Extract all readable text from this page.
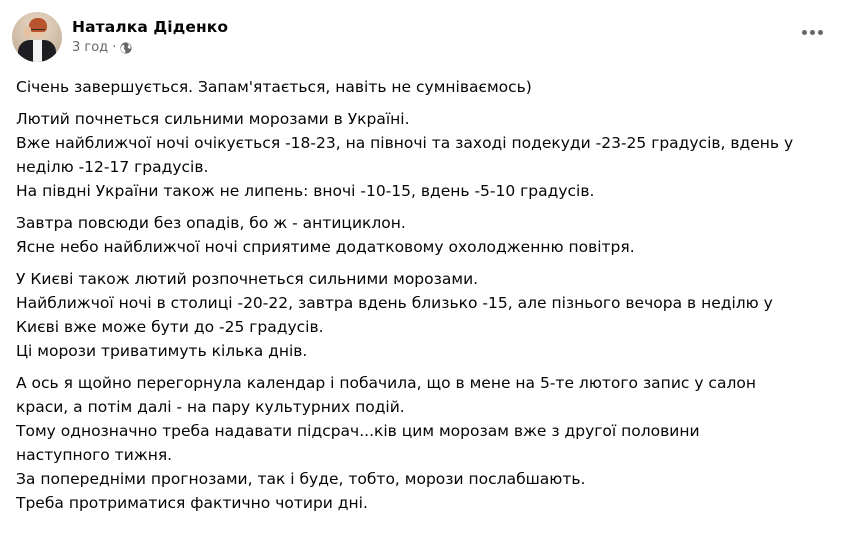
Наталка Діденко
3 год ·
Січень завершується. Запам'ятається, навіть не сумніваємось)
Лютий почнеться сильними морозами в Україні.
Вже найближчої ночі очікується -18-23, на півночі та заході подекуди -23-25 градусів, вдень у
неділю -12-17 градусів.
На півдні України також не липень: вночі -10-15, вдень -5-10 градусів.
Завтра повсюди без опадів, бо ж - антициклон.
Ясне небо найближчої ночі сприятиме додатковому охолодженню повітря.
У Києві також лютий розпочнеться сильними морозами.
Найближчої ночі в столиці -20-22, завтра вдень близько -15, але пізнього вечора в неділю у
Києві вже може бути до -25 градусів.
Ці морози триватимуть кілька днів.
А ось я щойно перегорнула календар і побачила, що в мене на 5-те лютого запис у салон
краси, а потім далі - на пару культурних подій.
Тому однозначно треба надавати підсрач...ків цим морозам вже з другої половини
наступного тижня.
За попередніми прогнозами, так і буде, тобто, морози послабшають.
Треба протриматися фактично чотири дні.
